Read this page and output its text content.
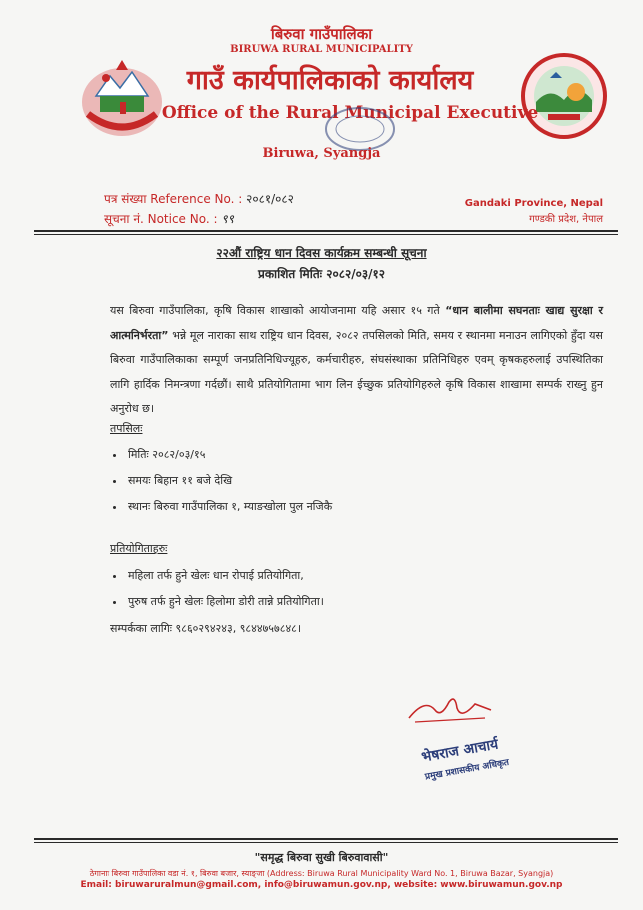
बिरुवा गाउँपालिका
BIRUWA RURAL MUNICIPALITY
गाउँ कार्यपालिकाको कार्यालय
Office of the Rural Municipal Executive
Biruwa, Syangja
पत्र संख्या Reference No. : २०८१/०८२
सूचना नं. Notice No. : ९९
Gandaki Province, Nepal
गण्डकी प्रदेश, नेपाल
२२औं राष्ट्रिय धान दिवस कार्यक्रम सम्बन्धी सूचना
प्रकाशित मितिः २०८२/०३/१२
यस बिरुवा गाउँपालिका, कृषि विकास शाखाको आयोजनामा यहि असार १५ गते “धान बालीमा सघनताः खाद्य सुरक्षा र आत्मनिर्भरता” भन्ने मूल नाराका साथ राष्ट्रिय धान दिवस, २०८२ तपसिलको मिति, समय र स्थानमा मनाउन लागिएको हुँदा यस बिरुवा गाउँपालिकाका सम्पूर्ण जनप्रतिनिधिज्यूहरु, कर्मचारीहरु, संघसंस्थाका प्रतिनिधिहरु एवम् कृषकहरुलाई उपस्थितिका लागि हार्दिक निमन्त्रणा गर्दछौं। साथै प्रतियोगितामा भाग लिन ईच्छुक प्रतियोगिहरुले कृषि विकास शाखामा सम्पर्क राख्नु हुन अनुरोध छ।
तपसिलः
• मितिः २०८२/०३/१५
• समयः बिहान ११ बजे देखि
• स्थानः बिरुवा गाउँपालिका १, म्याङखोला पुल नजिकै
प्रतियोगिताहरुः
• महिला तर्फ हुने खेलः धान रोपाई प्रतियोगिता,
• पुरुष तर्फ हुने खेलः हिलोमा डोरी तान्ने प्रतियोगिता।
सम्पर्कका लागिः ९८६०२९४२४३, ९८४४७५७८४८।
भेषराज आचार्य
प्रमुख प्रशासकीय अधिकृत
"समृद्ध बिरुवा सुखी बिरुवावासी"
ठेगानाः बिरुवा गाउँपालिका वडा नं. १, बिरुवा बजार, स्याङ्जा (Address: Biruwa Rural Municipality Ward No. 1, Biruwa Bazar, Syangja)
Email: biruwaruralmun@gmail.com, info@biruwamun.gov.np, website: www.biruwamun.gov.np
